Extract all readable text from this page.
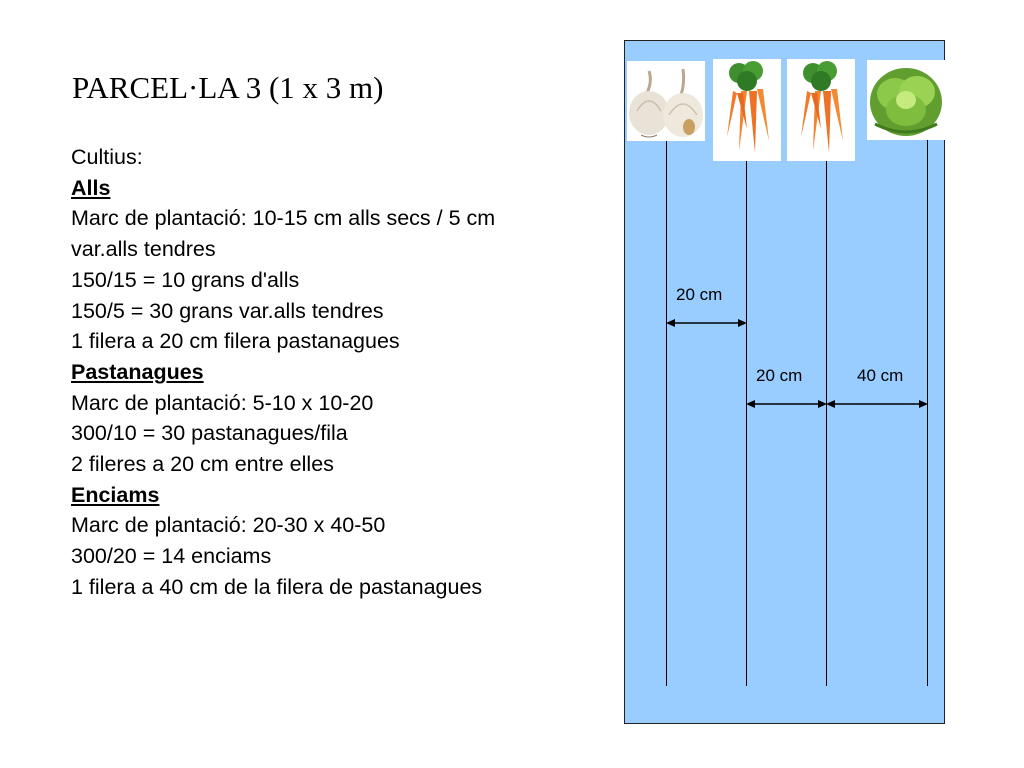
PARCEL·LA 3 (1 x 3 m)
Cultius:
Alls
Marc de plantació: 10-15 cm alls secs / 5 cm var.alls tendres
150/15 = 10 grans d'alls
150/5 = 30 grans var.alls tendres
1 filera a 20 cm filera pastanagues
Pastanagues
Marc de plantació: 5-10 x 10-20
300/10 = 30 pastanagues/fila
2 fileres a 20 cm entre elles
Enciams
Marc de plantació: 20-30 x 40-50
300/20 = 14 enciams
1 filera a 40 cm de la filera de pastanagues
20 cm
20 cm	40 cm
